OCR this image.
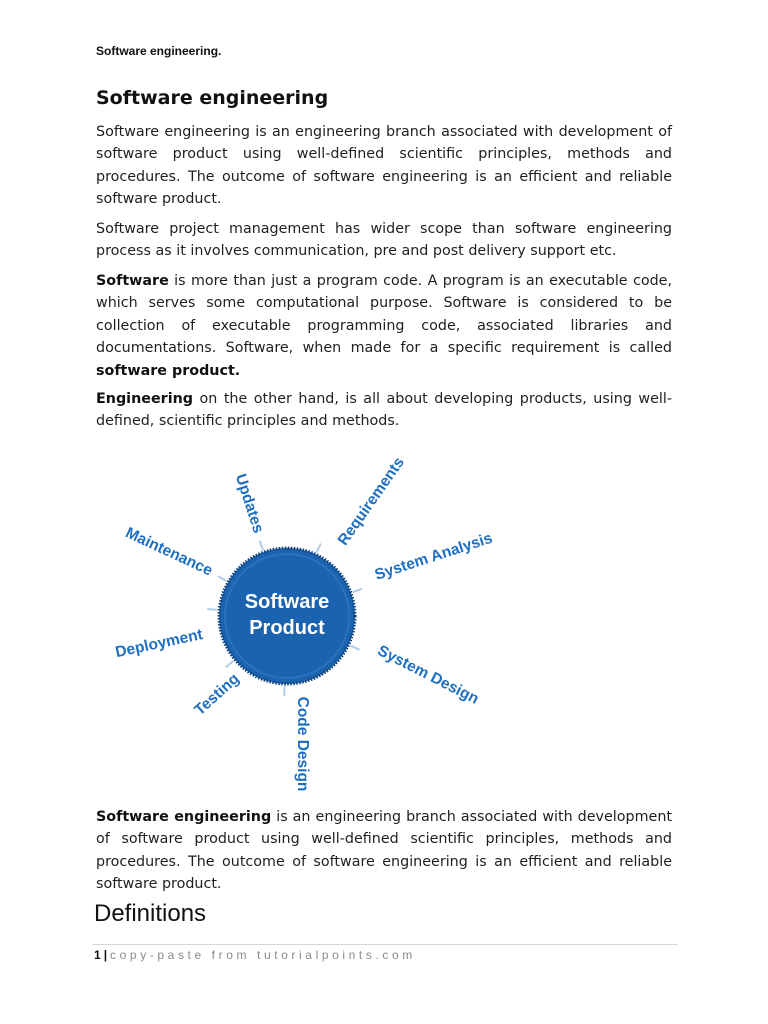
Software engineering.
Software engineering

Software engineering is an engineering branch associated with development of software product using well-defined scientific principles, methods and procedures. The outcome of software engineering is an efficient and reliable software product.

Software project management has wider scope than software engineering process as it involves communication, pre and post delivery support etc.

Software is more than just a program code. A program is an executable code, which serves some computational purpose. Software is considered to be collection of executable programming code, associated libraries and documentations. Software, when made for a specific requirement is called software product.

Engineering on the other hand, is all about developing products, using well-defined, scientific principles and methods.

Software
Product
Updates	Requirements
Maintenance	System Analysis
Deployment	System Design
Testing
Code Design

Software engineering is an engineering branch associated with development of software product using well-defined scientific principles, methods and procedures. The outcome of software engineering is an efficient and reliable software product.

Definitions
1 | copy-paste from tutorialpoints.com
